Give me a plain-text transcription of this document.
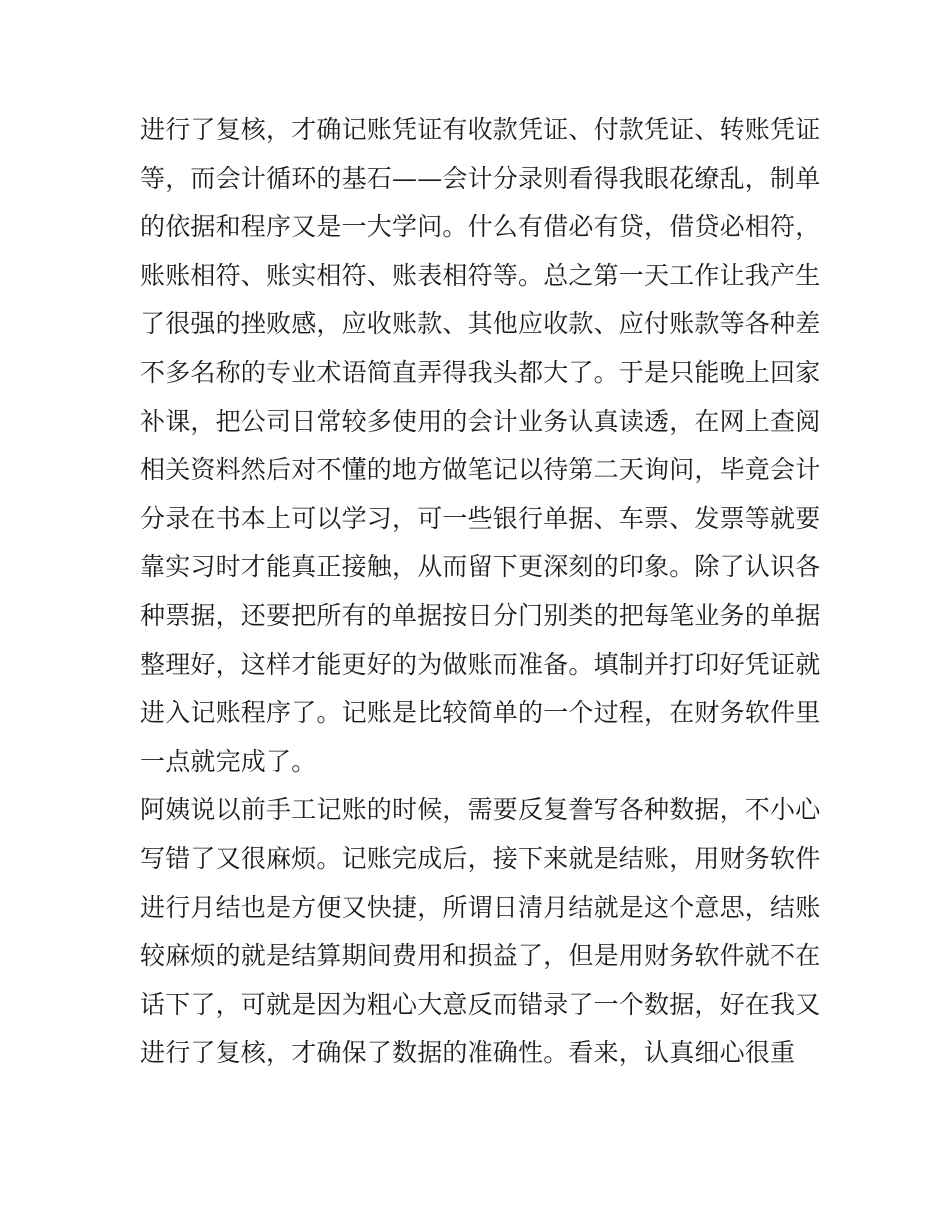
进行了复核，才确记账凭证有收款凭证、付款凭证、转账凭证
等，而会计循环的基石——会计分录则看得我眼花缭乱，制单
的依据和程序又是一大学问。什么有借必有贷，借贷必相符，
账账相符、账实相符、账表相符等。总之第一天工作让我产生
了很强的挫败感，应收账款、其他应收款、应付账款等各种差
不多名称的专业术语简直弄得我头都大了。于是只能晚上回家
补课，把公司日常较多使用的会计业务认真读透，在网上查阅
相关资料然后对不懂的地方做笔记以待第二天询问，毕竟会计
分录在书本上可以学习，可一些银行单据、车票、发票等就要
靠实习时才能真正接触，从而留下更深刻的印象。除了认识各
种票据，还要把所有的单据按日分门别类的把每笔业务的单据
整理好，这样才能更好的为做账而准备。填制并打印好凭证就
进入记账程序了。记账是比较简单的一个过程，在财务软件里
一点就完成了。
阿姨说以前手工记账的时候，需要反复誊写各种数据，不小心
写错了又很麻烦。记账完成后，接下来就是结账，用财务软件
进行月结也是方便又快捷，所谓日清月结就是这个意思，结账
较麻烦的就是结算期间费用和损益了，但是用财务软件就不在
话下了，可就是因为粗心大意反而错录了一个数据，好在我又
进行了复核，才确保了数据的准确性。看来，认真细心很重
